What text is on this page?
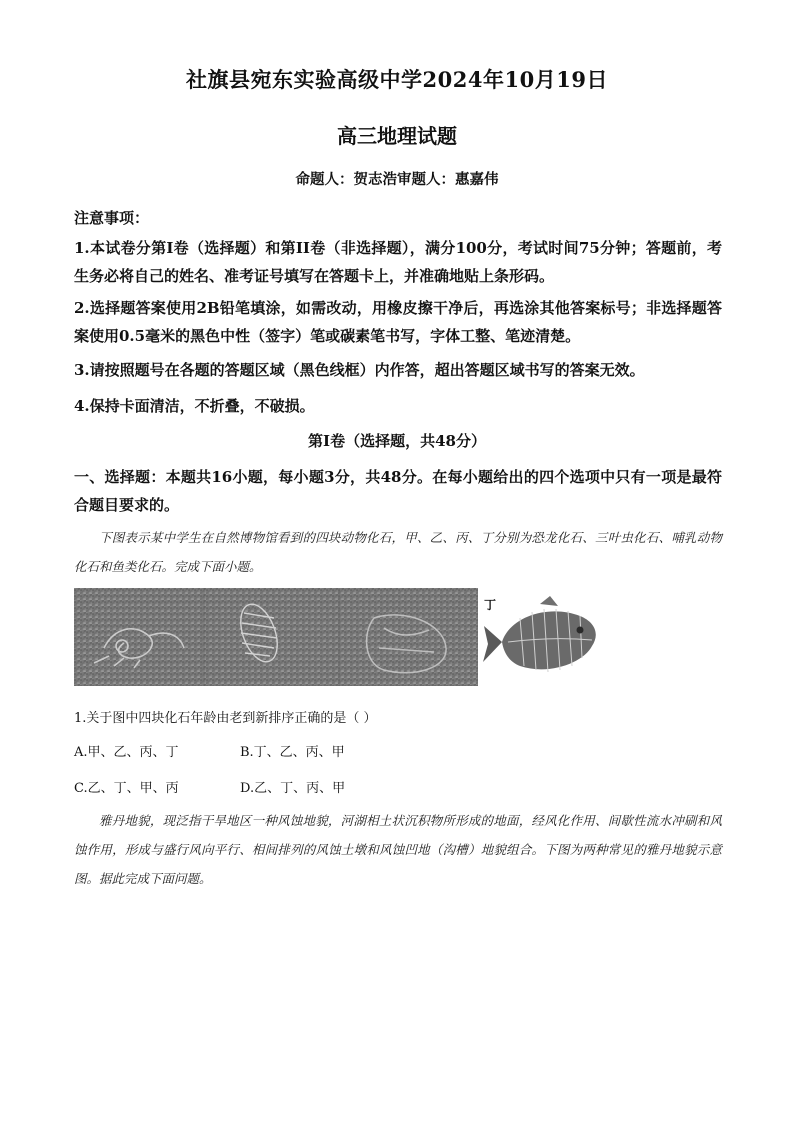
社旗县宛东实验高级中学2024年10月19日
高三地理试题
命题人：贺志浩审题人：惠嘉伟
注意事项：
1.本试卷分第I卷（选择题）和第II卷（非选择题），满分100分，考试时间75分钟；答题前，考生务必将自己的姓名、准考证号填写在答题卡上，并准确地贴上条形码。
2.选择题答案使用2B铅笔填涂，如需改动，用橡皮擦干净后，再选涂其他答案标号；非选择题答案使用0.5毫米的黑色中性（签字）笔或碳素笔书写，字体工整、笔迹清楚。
3.请按照题号在各题的答题区域（黑色线框）内作答，超出答题区域书写的答案无效。
4.保持卡面清洁，不折叠，不破损。
第I卷（选择题，共48分）
一、选择题：本题共16小题，每小题3分，共48分。在每小题给出的四个选项中只有一项是最符合题目要求的。
下图表示某中学生在自然博物馆看到的四块动物化石，甲、乙、丙、丁分别为恐龙化石、三叶虫化石、哺乳动物化石和鱼类化石。完成下面小题。
丁
1.关于图中四块化石年龄由老到新排序正确的是（ ）
A.甲、乙、丙、丁	B.丁、乙、丙、甲
C.乙、丁、甲、丙	D.乙、丁、丙、甲
雅丹地貌，现泛指干旱地区一种风蚀地貌，河湖相土状沉积物所形成的地面，经风化作用、间歇性流水冲刷和风蚀作用，形成与盛行风向平行、相间排列的风蚀土墩和风蚀凹地（沟槽）地貌组合。下图为两种常见的雅丹地貌示意图。据此完成下面问题。
